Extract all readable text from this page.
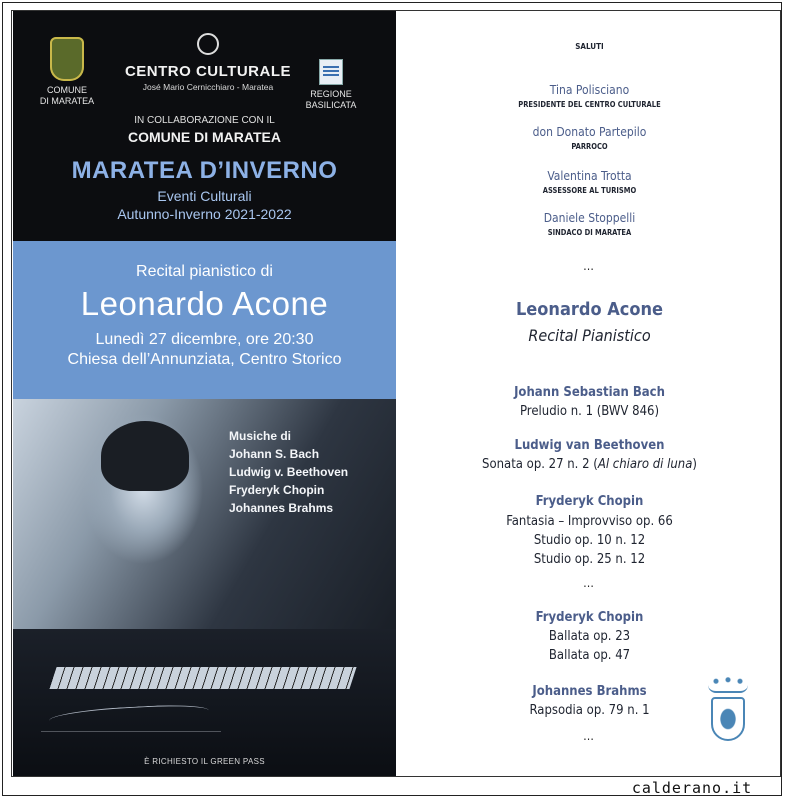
COMUNE
DI MARATEA
CENTRO CULTURALE
José Mario Cernicchiaro - Maratea
REGIONE
BASILICATA
IN COLLABORAZIONE CON IL
COMUNE DI MARATEA
MARATEA D’INVERNO
Eventi Culturali
Autunno-Inverno 2021-2022
Recital pianistico di
Leonardo Acone
Lunedì 27 dicembre, ore 20:30
Chiesa dell’Annunziata, Centro Storico
Musiche di
Johann S. Bach
Ludwig v. Beethoven
Fryderyk Chopin
Johannes Brahms
È RICHIESTO IL GREEN PASS
SALUTI
Tina Polisciano
PRESIDENTE DEL CENTRO CULTURALE
don Donato Partepilo
PARROCO
Valentina Trotta
ASSESSORE AL TURISMO
Daniele Stoppelli
SINDACO DI MARATEA
…
Leonardo Acone
Recital Pianistico
Johann Sebastian Bach
Preludio n. 1 (BWV 846)
Ludwig van Beethoven
Sonata op. 27 n. 2 (Al chiaro di luna)
Fryderyk Chopin
Fantasia – Improvviso op. 66
Studio op. 10 n. 12
Studio op. 25 n. 12
…
Fryderyk Chopin
Ballata op. 23
Ballata op. 47
Johannes Brahms
Rapsodia op. 79 n. 1
…
calderano.it
